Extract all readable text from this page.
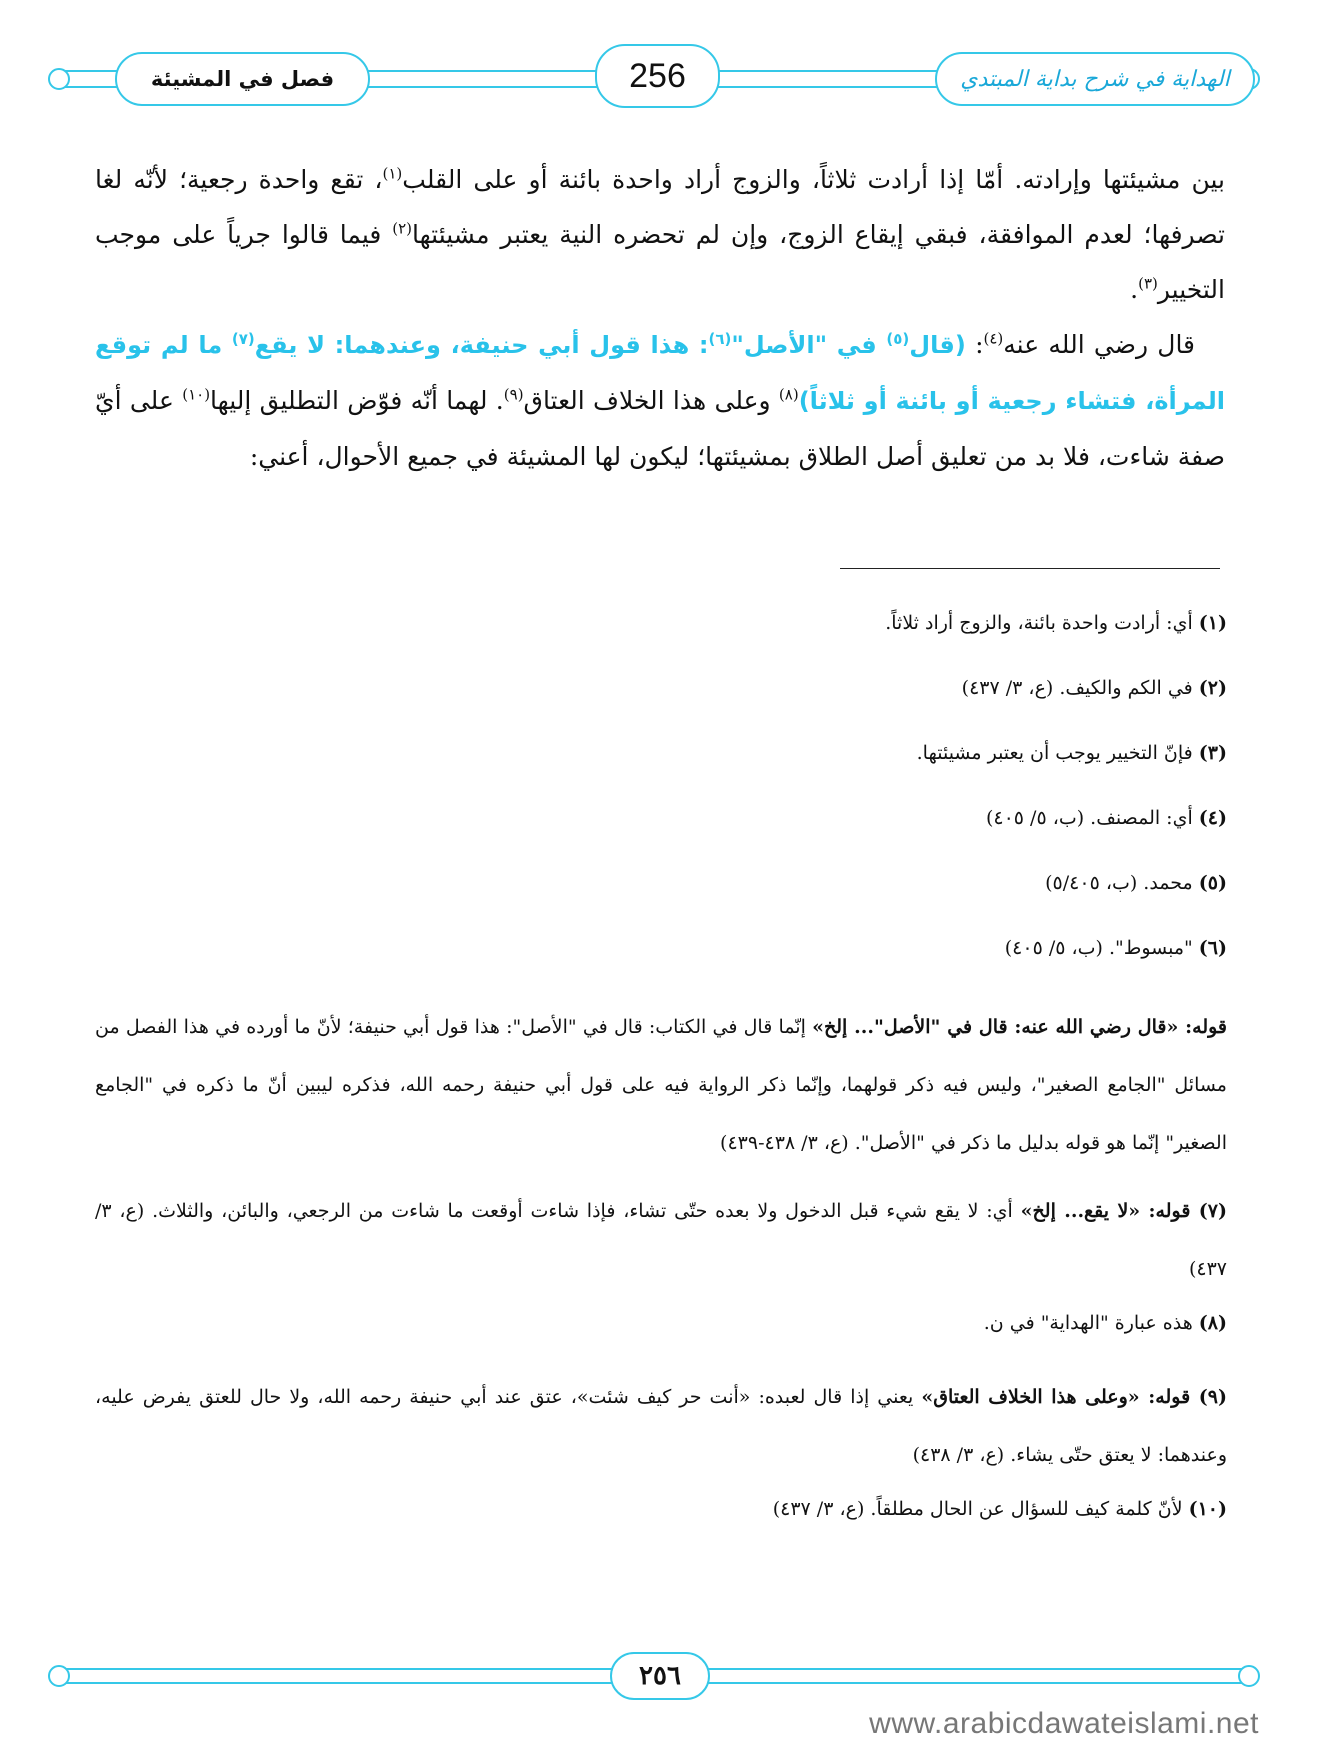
فصل في المشيئة	256	الهداية في شرح بداية المبتدي

بين مشيئتها وإرادته. أمّا إذا أرادت ثلاثاً، والزوج أراد واحدة بائنة أو على القلب$^{(١)}$، تقع واحدة رجعية؛ لأنّه لغا تصرفها؛ لعدم الموافقة، فبقي إيقاع الزوج، وإن لم تحضره النية يعتبر مشيئتها$^{(٢)}$ فيما قالوا جرياً على موجب التخيير$^{(٣)}$.

قال رضي الله عنه$^{(٤)}$: (قال$^{(٥)}$ في "الأصل"$^{(٦)}$: هذا قول أبي حنيفة، وعندهما: لا يقع$^{(٧)}$ ما لم توقع المرأة، فتشاء رجعية أو بائنة أو ثلاثاً)$^{(٨)}$ وعلى هذا الخلاف العتاق$^{(٩)}$. لهما أنّه فوّض التطليق إليها$^{(١٠)}$ على أيّ صفة شاءت، فلا بد من تعليق أصل الطلاق بمشيئتها؛ ليكون لها المشيئة في جميع الأحوال، أعني:

(١) أي: أرادت واحدة بائنة، والزوج أراد ثلاثاً.

(٢) في الكم والكيف. (ع، ٣/ ٤٣٧)

(٣) فإنّ التخيير يوجب أن يعتبر مشيئتها.

(٤) أي: المصنف. (ب، ٥/ ٤٠٥)

(٥) محمد. (ب، ٥/٤٠٥)

(٦) "مبسوط". (ب، ٥/ ٤٠٥)

قوله: «قال رضي الله عنه: قال في "الأصل"... إلخ» إنّما قال في الكتاب: قال في "الأصل": هذا قول أبي حنيفة؛ لأنّ ما أورده في هذا الفصل من مسائل "الجامع الصغير"، وليس فيه ذكر قولهما، وإنّما ذكر الرواية فيه على قول أبي حنيفة رحمه الله، فذكره ليبين أنّ ما ذكره في "الجامع الصغير" إنّما هو قوله بدليل ما ذكر في "الأصل". (ع، ٣/ ٤٣٨-٤٣٩)

(٧) قوله: «لا يقع... إلخ» أي: لا يقع شيء قبل الدخول ولا بعده حتّى تشاء، فإذا شاءت أوقعت ما شاءت من الرجعي، والبائن، والثلاث. (ع، ٣/ ٤٣٧)

(٨) هذه عبارة "الهداية" في ن.

(٩) قوله: «وعلى هذا الخلاف العتاق» يعني إذا قال لعبده: «أنت حر كيف شئت»، عتق عند أبي حنيفة رحمه الله، ولا حال للعتق يفرض عليه، وعندهما: لا يعتق حتّى يشاء. (ع، ٣/ ٤٣٨)

(١٠) لأنّ كلمة كيف للسؤال عن الحال مطلقاً. (ع، ٣/ ٤٣٧)

٢٥٦
www.arabicdawateislami.net
